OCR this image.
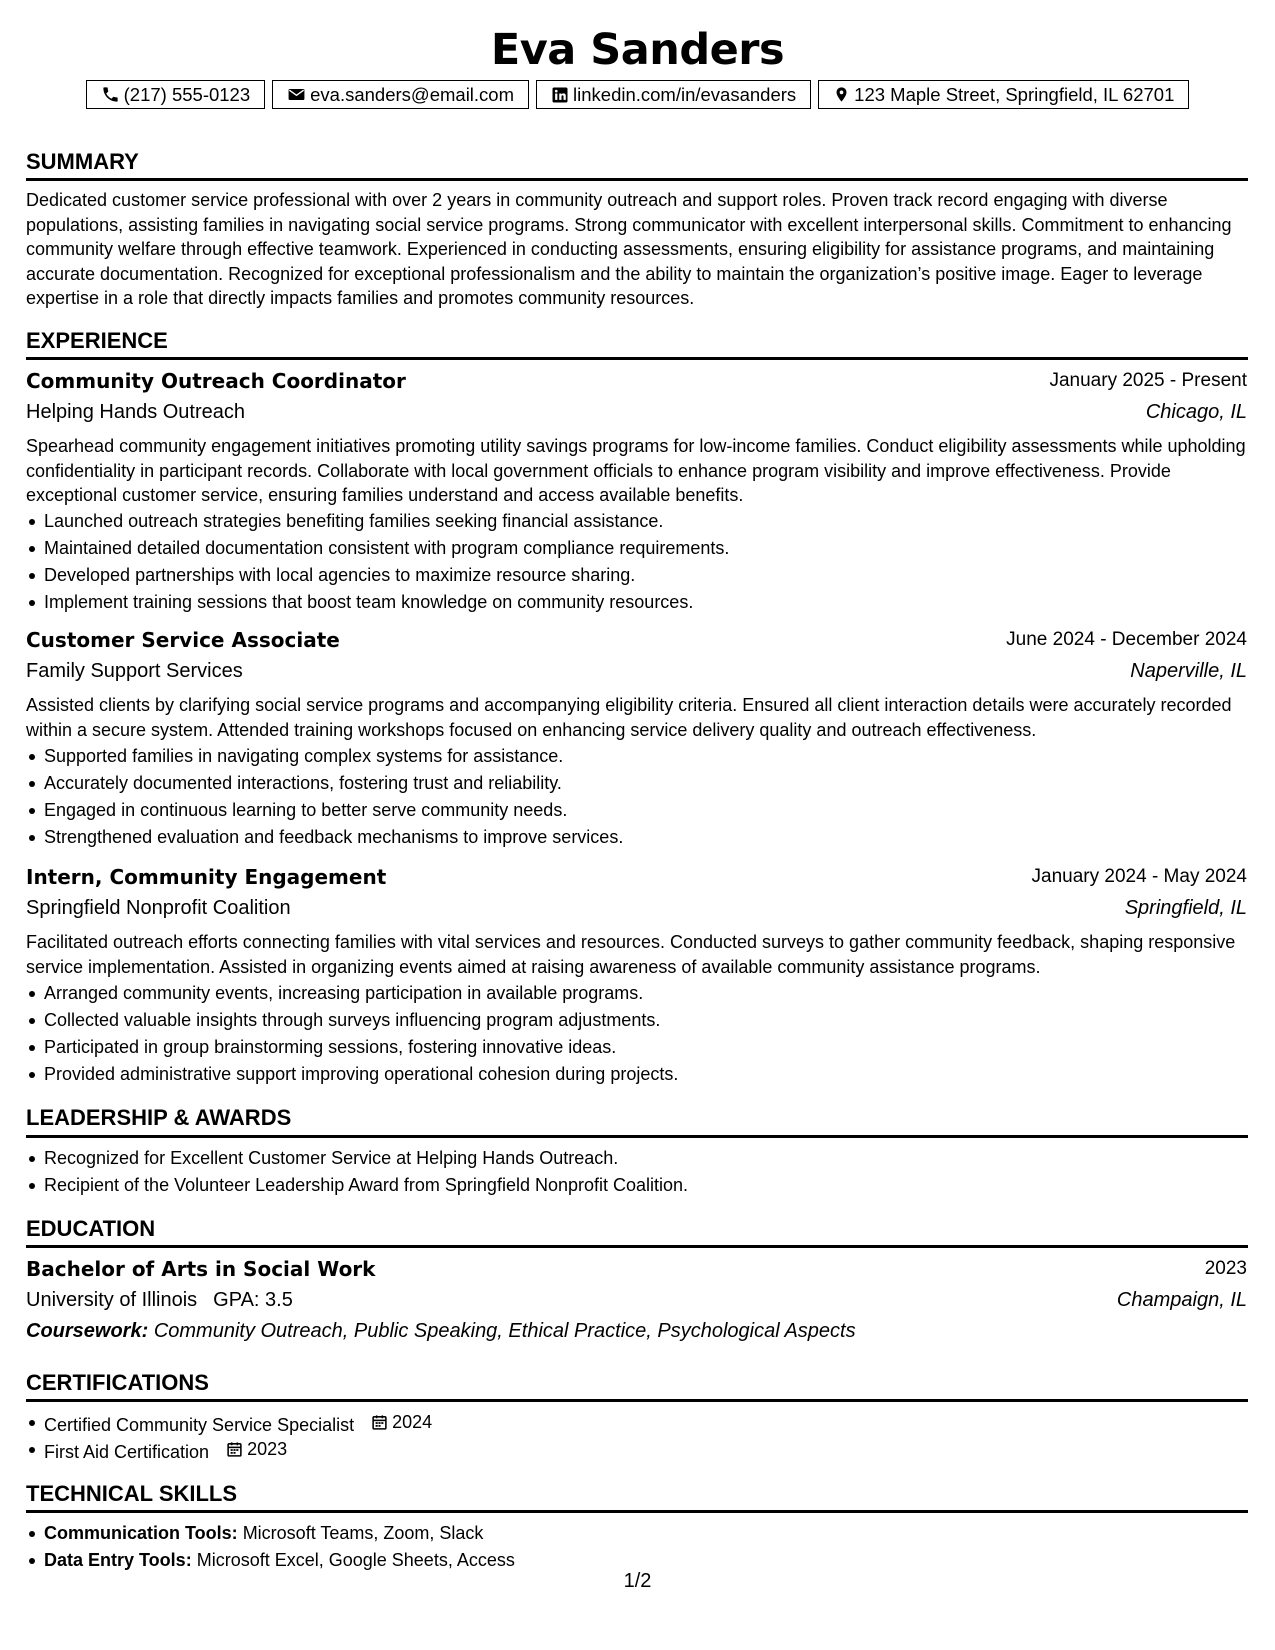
Eva Sanders
(217) 555-0123	eva.sanders@email.com	linkedin.com/in/evasanders	123 Maple Street, Springfield, IL 62701
SUMMARY
Dedicated customer service professional with over 2 years in community outreach and support roles. Proven track record engaging with diverse populations, assisting families in navigating social service programs. Strong communicator with excellent interpersonal skills. Commitment to enhancing community welfare through effective teamwork. Experienced in conducting assessments, ensuring eligibility for assistance programs, and maintaining accurate documentation. Recognized for exceptional professionalism and the ability to maintain the organization’s positive image. Eager to leverage expertise in a role that directly impacts families and promotes community resources.
EXPERIENCE
Community Outreach Coordinator	January 2025 - Present
Helping Hands Outreach	Chicago, IL
Spearhead community engagement initiatives promoting utility savings programs for low-income families. Conduct eligibility assessments while upholding confidentiality in participant records. Collaborate with local government officials to enhance program visibility and improve effectiveness. Provide exceptional customer service, ensuring families understand and access available benefits.
Launched outreach strategies benefiting families seeking financial assistance.
Maintained detailed documentation consistent with program compliance requirements.
Developed partnerships with local agencies to maximize resource sharing.
Implement training sessions that boost team knowledge on community resources.
Customer Service Associate	June 2024 - December 2024
Family Support Services	Naperville, IL
Assisted clients by clarifying social service programs and accompanying eligibility criteria. Ensured all client interaction details were accurately recorded within a secure system. Attended training workshops focused on enhancing service delivery quality and outreach effectiveness.
Supported families in navigating complex systems for assistance.
Accurately documented interactions, fostering trust and reliability.
Engaged in continuous learning to better serve community needs.
Strengthened evaluation and feedback mechanisms to improve services.
Intern, Community Engagement	January 2024 - May 2024
Springfield Nonprofit Coalition	Springfield, IL
Facilitated outreach efforts connecting families with vital services and resources. Conducted surveys to gather community feedback, shaping responsive service implementation. Assisted in organizing events aimed at raising awareness of available community assistance programs.
Arranged community events, increasing participation in available programs.
Collected valuable insights through surveys influencing program adjustments.
Participated in group brainstorming sessions, fostering innovative ideas.
Provided administrative support improving operational cohesion during projects.
LEADERSHIP & AWARDS
Recognized for Excellent Customer Service at Helping Hands Outreach.
Recipient of the Volunteer Leadership Award from Springfield Nonprofit Coalition.
EDUCATION
Bachelor of Arts in Social Work	2023
University of Illinois GPA: 3.5	Champaign, IL
Coursework: Community Outreach, Public Speaking, Ethical Practice, Psychological Aspects
CERTIFICATIONS
Certified Community Service Specialist 2024
First Aid Certification 2023
TECHNICAL SKILLS
Communication Tools: Microsoft Teams, Zoom, Slack
Data Entry Tools: Microsoft Excel, Google Sheets, Access
1/2
